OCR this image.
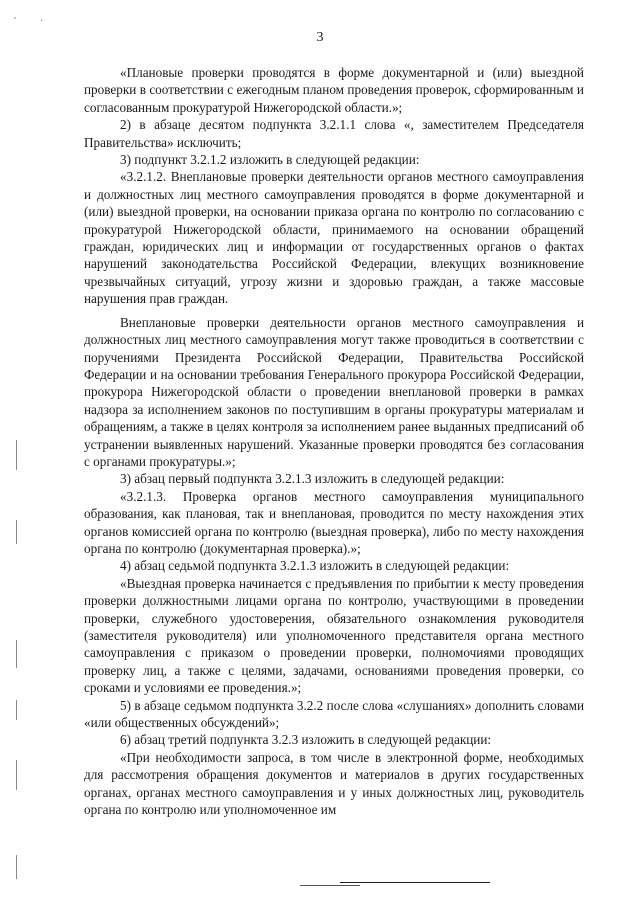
′ ·
3

«Плановые проверки проводятся в форме документарной и (или) выездной проверки в соответствии с ежегодным планом проведения проверок, сформированным и согласованным прокуратурой Нижегородской области.»;

2) в абзаце десятом подпункта 3.2.1.1 слова «, заместителем Председателя Правительства» исключить;

3) подпункт 3.2.1.2 изложить в следующей редакции:

«3.2.1.2. Внеплановые проверки деятельности органов местного самоуправления и должностных лиц местного самоуправления проводятся в форме документарной и (или) выездной проверки, на основании приказа органа по контролю по согласованию с прокуратурой Нижегородской области, принимаемого на основании обращений граждан, юридических лиц и информации от государственных органов о фактах нарушений законодательства Российской Федерации, влекущих возникновение чрезвычайных ситуаций, угрозу жизни и здоровью граждан, а также массовые нарушения прав граждан.

Внеплановые проверки деятельности органов местного самоуправления и должностных лиц местного самоуправления могут также проводиться в соответствии с поручениями Президента Российской Федерации, Правительства Российской Федерации и на основании требования Генерального прокурора Российской Федерации, прокурора Нижегородской области о проведении внеплановой проверки в рамках надзора за исполнением законов по поступившим в органы прокуратуры материалам и обращениям, а также в целях контроля за исполнением ранее выданных предписаний об устранении выявленных нарушений. Указанные проверки проводятся без согласования с органами прокуратуры.»;

3) абзац первый подпункта 3.2.1.3 изложить в следующей редакции:

«3.2.1.3. Проверка органов местного самоуправления муниципального образования, как плановая, так и внеплановая, проводится по месту нахождения этих органов комиссией органа по контролю (выездная проверка), либо по месту нахождения органа по контролю (документарная проверка).»;

4) абзац седьмой подпункта 3.2.1.3 изложить в следующей редакции:

«Выездная проверка начинается с предъявления по прибытии к месту проведения проверки должностными лицами органа по контролю, участвующими в проведении проверки, служебного удостоверения, обязательного ознакомления руководителя (заместителя руководителя) или уполномоченного представителя органа местного самоуправления с приказом о проведении проверки, полномочиями проводящих проверку лиц, а также с целями, задачами, основаниями проведения проверки, со сроками и условиями ее проведения.»;

5) в абзаце седьмом подпункта 3.2.2 после слова «слушаниях» дополнить словами «или общественных обсуждений»;

6) абзац третий подпункта 3.2.3 изложить в следующей редакции:

«При необходимости запроса, в том числе в электронной форме, необходимых для рассмотрения обращения документов и материалов в других государственных органах, органах местного самоуправления и у иных должностных лиц, руководитель органа по контролю или уполномоченное им
